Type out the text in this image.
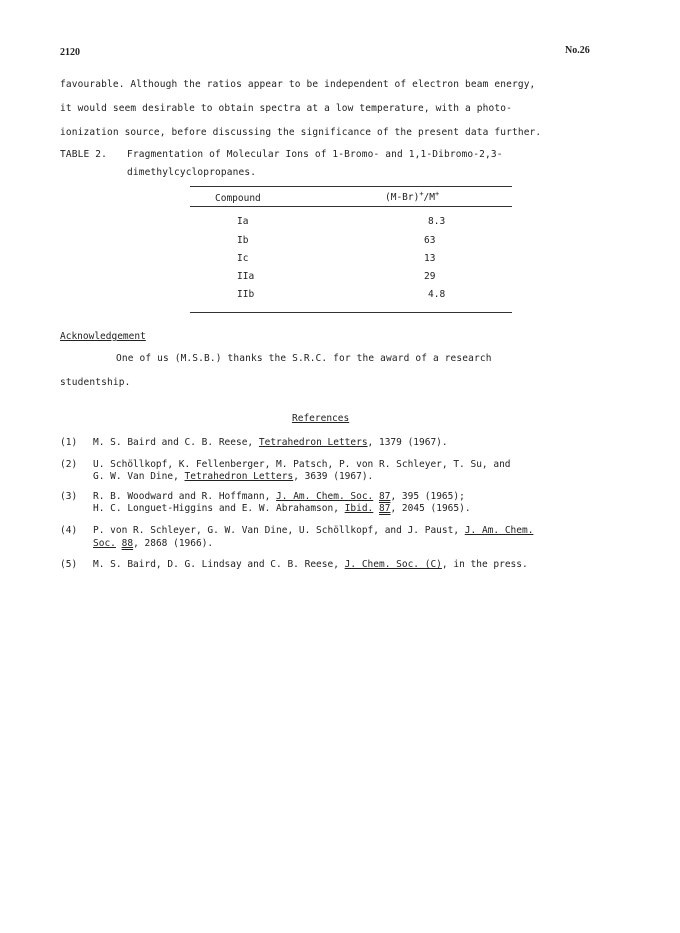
2120	No.26
favourable. Although the ratios appear to be independent of electron beam energy,
it would seem desirable to obtain spectra at a low temperature, with a photo-
ionization source, before discussing the significance of the present data further.
TABLE 2. Fragmentation of Molecular Ions of 1-Bromo- and 1,1-Dibromo-2,3-
dimethylcyclopropanes.
Compound	(M-Br)+/M+
Ia	8.3
Ib	63
Ic	13
IIa	29
IIb	4.8
Acknowledgement
One of us (M.S.B.) thanks the S.R.C. for the award of a research
studentship.
References
(1) M. S. Baird and C. B. Reese, Tetrahedron Letters, 1379 (1967).
(2) U. Schöllkopf, K. Fellenberger, M. Patsch, P. von R. Schleyer, T. Su, and
G. W. Van Dine, Tetrahedron Letters, 3639 (1967).
(3) R. B. Woodward and R. Hoffmann, J. Am. Chem. Soc. 87, 395 (1965);
H. C. Longuet-Higgins and E. W. Abrahamson, Ibid. 87, 2045 (1965).
(4) P. von R. Schleyer, G. W. Van Dine, U. Schöllkopf, and J. Paust, J. Am. Chem.
Soc. 88, 2868 (1966).
(5) M. S. Baird, D. G. Lindsay and C. B. Reese, J. Chem. Soc. (C), in the press.
